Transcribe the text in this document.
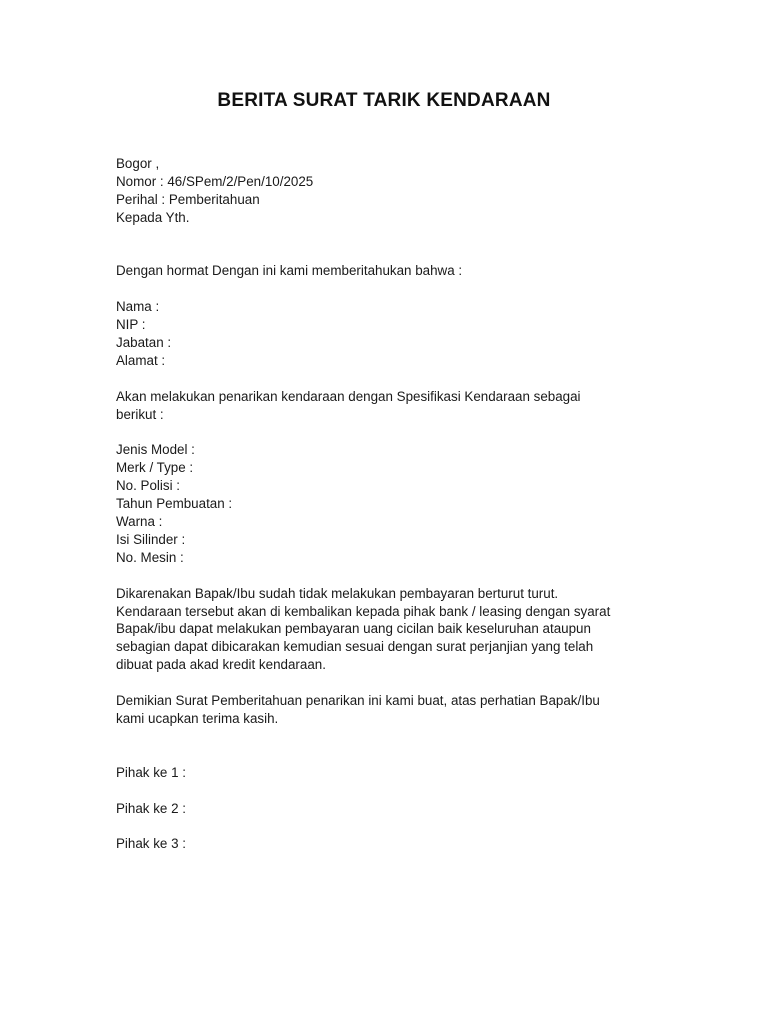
BERITA SURAT TARIK KENDARAAN
Bogor ,
Nomor : 46/SPem/2/Pen/10/2025
Perihal : Pemberitahuan
Kepada Yth.
Dengan hormat Dengan ini kami memberitahukan bahwa :
Nama :
NIP :
Jabatan :
Alamat :
Akan melakukan penarikan kendaraan dengan Spesifikasi Kendaraan sebagai
berikut :
Jenis Model :
Merk / Type :
No. Polisi :
Tahun Pembuatan :
Warna :
Isi Silinder :
No. Mesin :
Dikarenakan Bapak/Ibu sudah tidak melakukan pembayaran berturut turut.
Kendaraan tersebut akan di kembalikan kepada pihak bank / leasing dengan syarat
Bapak/ibu dapat melakukan pembayaran uang cicilan baik keseluruhan ataupun
sebagian dapat dibicarakan kemudian sesuai dengan surat perjanjian yang telah
dibuat pada akad kredit kendaraan.
Demikian Surat Pemberitahuan penarikan ini kami buat, atas perhatian Bapak/Ibu
kami ucapkan terima kasih.
Pihak ke 1 :
Pihak ke 2 :
Pihak ke 3 :
